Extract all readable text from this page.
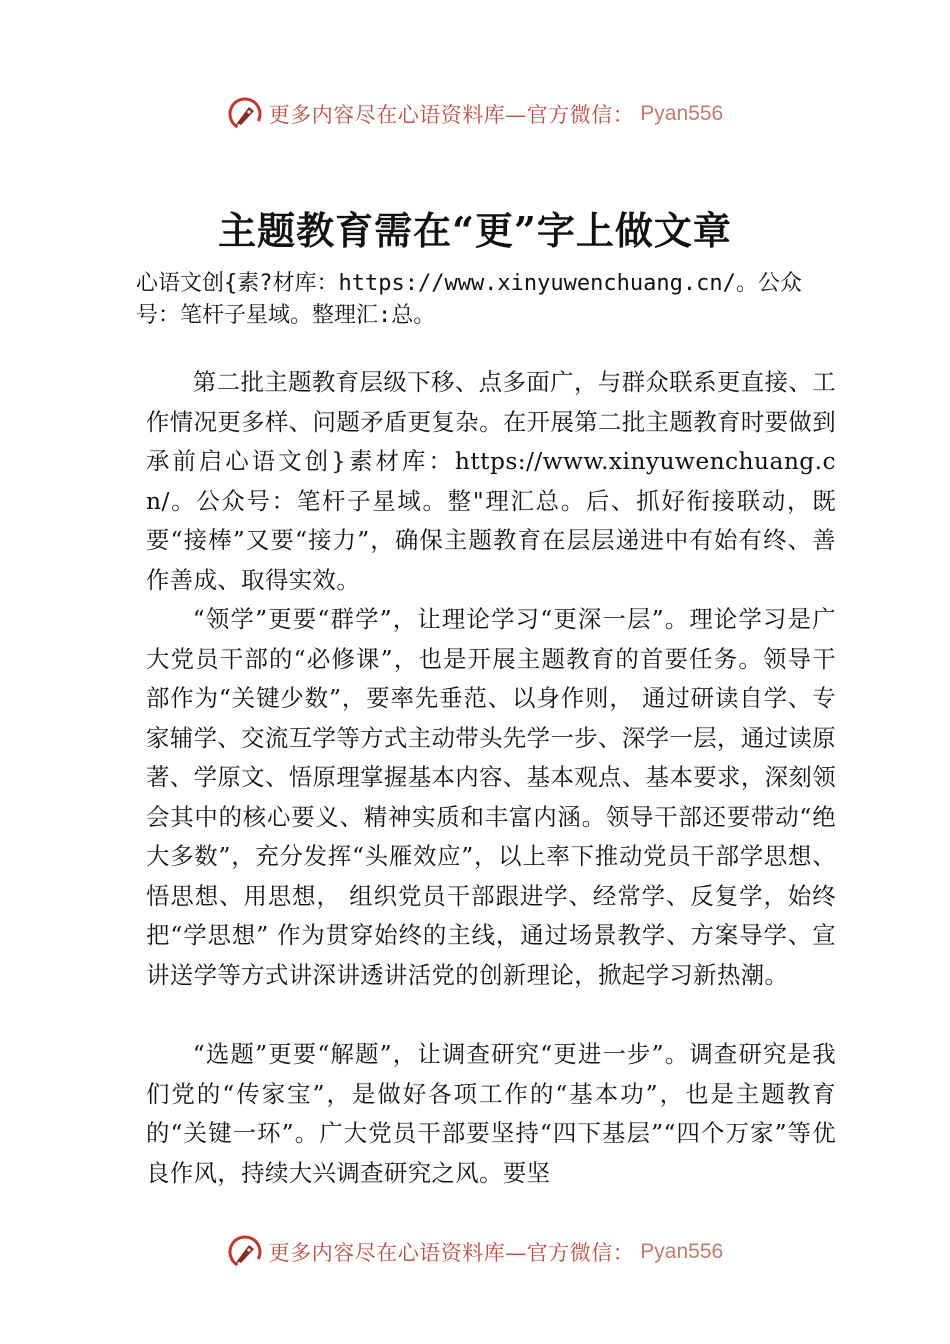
更多内容尽在心语资料库—官方微信： Pyan556
主题教育需在“更”字上做文章
心语文创{素?材库：https://www.xinyuwenchuang.cn/。公众号：笔杆子星域。整理汇:总。

第二批主题教育层级下移、点多面广，与群众联系更直接、工作情况更多样、问题矛盾更复杂。在开展第二批主题教育时要做到承前启心语文创}素材库：https://www.xinyuwenchuang.cn/。公众号：笔杆子星域。整"理汇总。后、抓好衔接联动，既要“接棒”又要“接力”，确保主题教育在层层递进中有始有终、善作善成、取得实效。

“领学”更要“群学”，让理论学习“更深一层”。理论学习是广大党员干部的“必修课”，也是开展主题教育的首要任务。领导干部作为“关键少数”，要率先垂范、以身作则， 通过研读自学、专家辅学、交流互学等方式主动带头先学一步、深学一层，通过读原著、学原文、悟原理掌握基本内容、基本观点、基本要求，深刻领会其中的核心要义、精神实质和丰富内涵。领导干部还要带动“绝大多数”，充分发挥“头雁效应”，以上率下推动党员干部学思想、悟思想、用思想， 组织党员干部跟进学、经常学、反复学，始终把“学思想” 作为贯穿始终的主线，通过场景教学、方案导学、宣讲送学等方式讲深讲透讲活党的创新理论，掀起学习新热潮。

“选题”更要“解题”，让调查研究“更进一步”。调查研究是我们党的“传家宝”，是做好各项工作的“基本功”，也是主题教育的“关键一环”。广大党员干部要坚持“四下基层”“四个万家”等优良作风，持续大兴调查研究之风。要坚

更多内容尽在心语资料库—官方微信： Pyan556
